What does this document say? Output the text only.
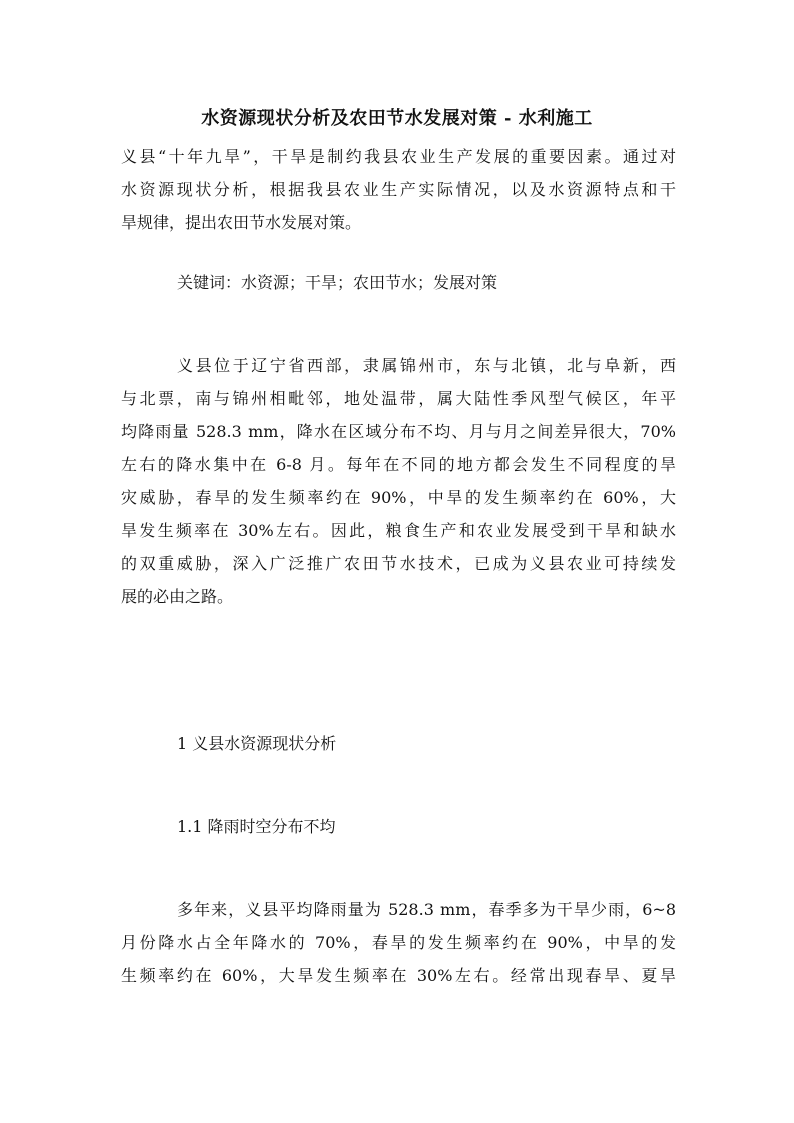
水资源现状分析及农田节水发展对策 - 水利施工
义县“十年九旱”，干旱是制约我县农业生产发展的重要因素。通过对
水资源现状分析，根据我县农业生产实际情况，以及水资源特点和干
旱规律，提出农田节水发展对策。
关键词：水资源；干旱；农田节水；发展对策
义县位于辽宁省西部，隶属锦州市，东与北镇，北与阜新，西
与北票，南与锦州相毗邻，地处温带，属大陆性季风型气候区，年平
均降雨量 528.3 mm，降水在区域分布不均、月与月之间差异很大，70%
左右的降水集中在 6-8 月。每年在不同的地方都会发生不同程度的旱
灾威胁，春旱的发生频率约在 90%，中旱的发生频率约在 60%，大
旱发生频率在 30%左右。因此，粮食生产和农业发展受到干旱和缺水
的双重威胁，深入广泛推广农田节水技术，已成为义县农业可持续发
展的必由之路。
1 义县水资源现状分析
1.1 降雨时空分布不均
多年来，义县平均降雨量为 528.3 mm，春季多为干旱少雨，6~8
月份降水占全年降水的 70%，春旱的发生频率约在 90%，中旱的发
生频率约在 60%，大旱发生频率在 30%左右。经常出现春旱、夏旱
